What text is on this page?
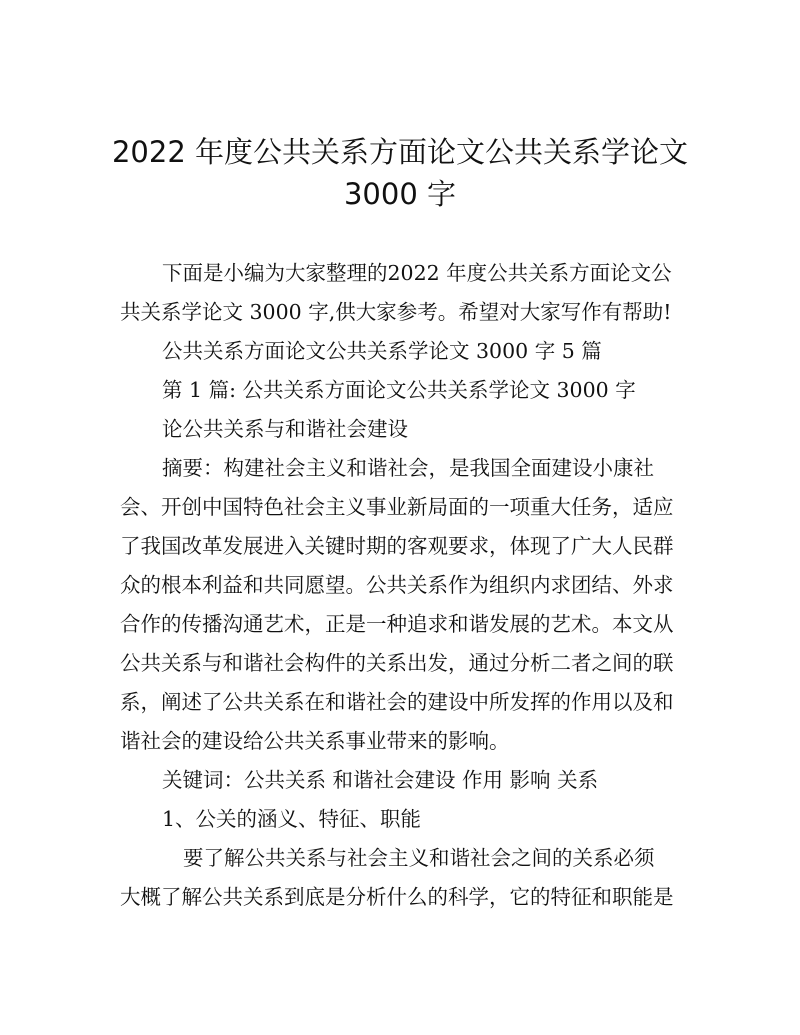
2022 年度公共关系方面论文公共关系学论文
3000 字
下面是小编为大家整理的2022 年度公共关系方面论文公
共关系学论文 3000 字,供大家参考。希望对大家写作有帮助!
公共关系方面论文公共关系学论文 3000 字 5 篇
第 1 篇: 公共关系方面论文公共关系学论文 3000 字
论公共关系与和谐社会建设
摘要：构建社会主义和谐社会，是我国全面建设小康社
会、开创中国特色社会主义事业新局面的一项重大任务，适应
了我国改革发展进入关键时期的客观要求，体现了广大人民群
众的根本利益和共同愿望。公共关系作为组织内求团结、外求
合作的传播沟通艺术，正是一种追求和谐发展的艺术。本文从
公共关系与和谐社会构件的关系出发，通过分析二者之间的联
系，阐述了公共关系在和谐社会的建设中所发挥的作用以及和
谐社会的建设给公共关系事业带来的影响。
关键词：公共关系 和谐社会建设 作用 影响 关系
1、公关的涵义、特征、职能
要了解公共关系与社会主义和谐社会之间的关系必须
大概了解公共关系到底是分析什么的科学，它的特征和职能是
